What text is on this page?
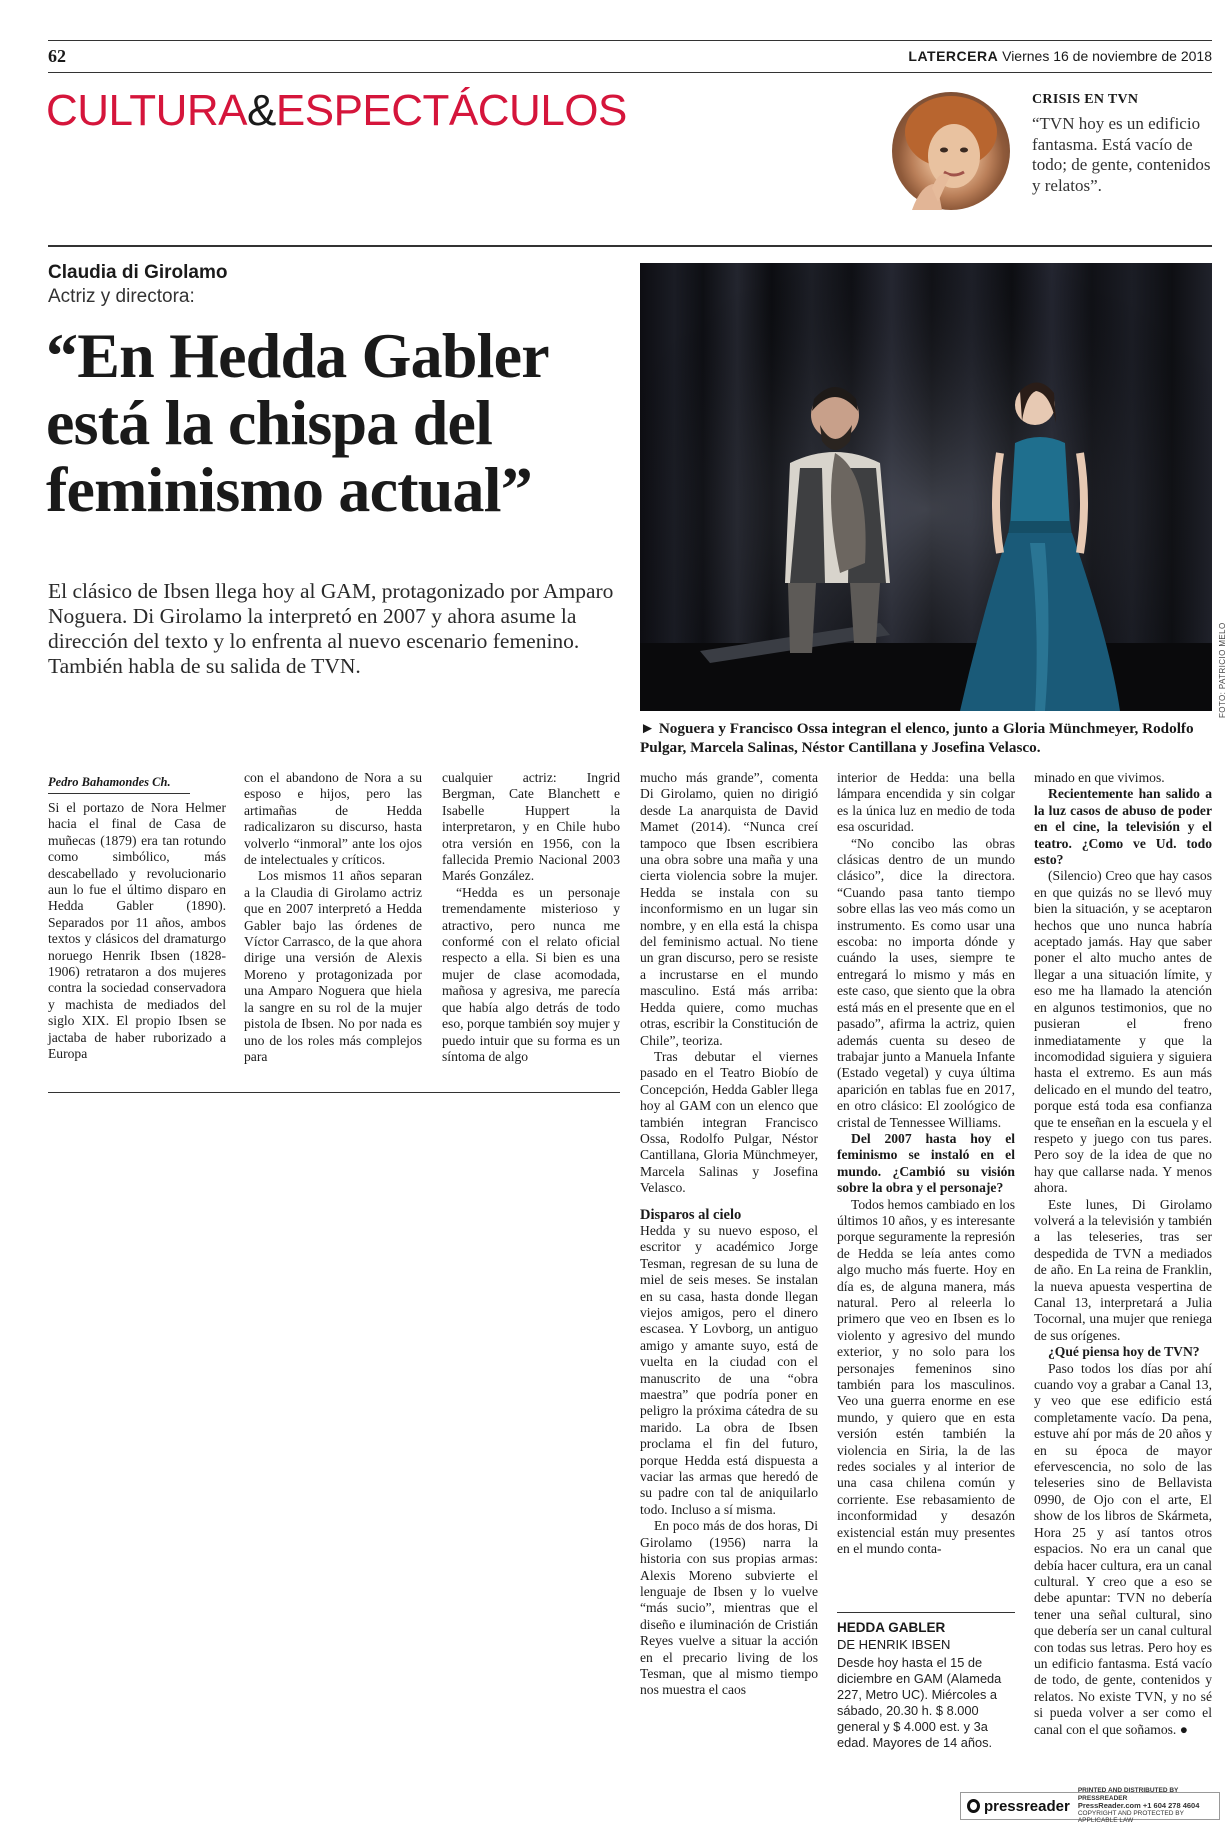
62	LATERCERA Viernes 16 de noviembre de 2018
CULTURA&ESPECTÁCULOS	CRISIS EN TVN
“TVN hoy es un edificio fantasma. Está vacío de todo; de gente, contenidos y relatos”.
Claudia di Girolamo
Actriz y directora:
“En Hedda Gabler está la chispa del feminismo actual”
El clásico de Ibsen llega hoy al GAM, protagonizado por Amparo Noguera. Di Girolamo la interpretó en 2007 y ahora asume la dirección del texto y lo enfrenta al nuevo escenario femenino. También habla de su salida de TVN.	FOTO: PATRICIO MELO
► Noguera y Francisco Ossa integran el elenco, junto a Gloria Münchmeyer, Rodolfo Pulgar, Marcela Salinas, Néstor Cantillana y Josefina Velasco.
Pedro Bahamondes Ch.

Si el portazo de Nora Helmer hacia el final de Casa de muñecas (1879) era tan rotundo como simbólico, más descabellado y revolucionario aun lo fue el último disparo en Hedda Gabler (1890). Separados por 11 años, ambos textos y clásicos del dramaturgo noruego Henrik Ibsen (1828-1906) retrataron a dos mujeres contra la sociedad conservadora y machista de mediados del siglo XIX. El propio Ibsen se jactaba de haber ruborizado a Europa

con el abandono de Nora a su esposo e hijos, pero las artimañas de Hedda radicalizaron su discurso, hasta volverlo “inmoral” ante los ojos de intelectuales y críticos.

Los mismos 11 años separan a la Claudia di Girolamo actriz que en 2007 interpretó a Hedda Gabler bajo las órdenes de Víctor Carrasco, de la que ahora dirige una versión de Alexis Moreno y protagonizada por una Amparo Noguera que hiela la sangre en su rol de la mujer pistola de Ibsen. No por nada es uno de los roles más complejos para

cualquier actriz: Ingrid Bergman, Cate Blanchett e Isabelle Huppert la interpretaron, y en Chile hubo otra versión en 1956, con la fallecida Premio Nacional 2003 Marés González.

“Hedda es un personaje tremendamente misterioso y atractivo, pero nunca me conformé con el relato oficial respecto a ella. Si bien es una mujer de clase acomodada, mañosa y agresiva, me parecía que había algo detrás de todo eso, porque también soy mujer y puedo intuir que su forma es un síntoma de algo

mucho más grande”, comenta Di Girolamo, quien no dirigió desde La anarquista de David Mamet (2014). “Nunca creí tampoco que Ibsen escribiera una obra sobre una maña y una cierta violencia sobre la mujer. Hedda se instala con su inconformismo en un lugar sin nombre, y en ella está la chispa del feminismo actual. No tiene un gran discurso, pero se resiste a incrustarse en el mundo masculino. Está más arriba: Hedda quiere, como muchas otras, escribir la Constitución de Chile”, teoriza.

Tras debutar el viernes pasado en el Teatro Biobío de Concepción, Hedda Gabler llega hoy al GAM con un elenco que también integran Francisco Ossa, Rodolfo Pulgar, Néstor Cantillana, Gloria Münchmeyer, Marcela Salinas y Josefina Velasco.

Disparos al cielo

Hedda y su nuevo esposo, el escritor y académico Jorge Tesman, regresan de su luna de miel de seis meses. Se instalan en su casa, hasta donde llegan viejos amigos, pero el dinero escasea. Y Lovborg, un antiguo amigo y amante suyo, está de vuelta en la ciudad con el manuscrito de una “obra maestra” que podría poner en peligro la próxima cátedra de su marido. La obra de Ibsen proclama el fin del futuro, porque Hedda está dispuesta a vaciar las armas que heredó de su padre con tal de aniquilarlo todo. Incluso a sí misma.

En poco más de dos horas, Di Girolamo (1956) narra la historia con sus propias armas: Alexis Moreno subvierte el lenguaje de Ibsen y lo vuelve “más sucio”, mientras que el diseño e iluminación de Cristián Reyes vuelve a situar la acción en el precario living de los Tesman, que al mismo tiempo nos muestra el caos

interior de Hedda: una bella lámpara encendida y sin colgar es la única luz en medio de toda esa oscuridad.

“No concibo las obras clásicas dentro de un mundo clásico”, dice la directora. “Cuando pasa tanto tiempo sobre ellas las veo más como un instrumento. Es como usar una escoba: no importa dónde y cuándo la uses, siempre te entregará lo mismo y más en este caso, que siento que la obra está más en el presente que en el pasado”, afirma la actriz, quien además cuenta su deseo de trabajar junto a Manuela Infante (Estado vegetal) y cuya última aparición en tablas fue en 2017, en otro clásico: El zoológico de cristal de Tennessee Williams.

Del 2007 hasta hoy el feminismo se instaló en el mundo. ¿Cambió su visión sobre la obra y el personaje?

Todos hemos cambiado en los últimos 10 años, y es interesante porque seguramente la represión de Hedda se leía antes como algo mucho más fuerte. Hoy en día es, de alguna manera, más natural. Pero al releerla lo primero que veo en Ibsen es lo violento y agresivo del mundo exterior, y no solo para los personajes femeninos sino también para los masculinos. Veo una guerra enorme en ese mundo, y quiero que en esta versión estén también la violencia en Siria, la de las redes sociales y al interior de una casa chilena común y corriente. Ese rebasamiento de inconformidad y desazón existencial están muy presentes en el mundo conta-

HEDDA GABLER
DE HENRIK IBSEN
Desde hoy hasta el 15 de diciembre en GAM (Alameda 227, Metro UC). Miércoles a sábado, 20.30 h. $ 8.000 general y $ 4.000 est. y 3a edad. Mayores de 14 años.

minado en que vivimos.

Recientemente han salido a la luz casos de abuso de poder en el cine, la televisión y el teatro. ¿Como ve Ud. todo esto?

(Silencio) Creo que hay casos en que quizás no se llevó muy bien la situación, y se aceptaron hechos que uno nunca habría aceptado jamás. Hay que saber poner el alto mucho antes de llegar a una situación límite, y eso me ha llamado la atención en algunos testimonios, que no pusieran el freno inmediatamente y que la incomodidad siguiera y siguiera hasta el extremo. Es aun más delicado en el mundo del teatro, porque está toda esa confianza que te enseñan en la escuela y el respeto y juego con tus pares. Pero soy de la idea de que no hay que callarse nada. Y menos ahora.

Este lunes, Di Girolamo volverá a la televisión y también a las teleseries, tras ser despedida de TVN a mediados de año. En La reina de Franklin, la nueva apuesta vespertina de Canal 13, interpretará a Julia Tocornal, una mujer que reniega de sus orígenes.

¿Qué piensa hoy de TVN?

Paso todos los días por ahí cuando voy a grabar a Canal 13, y veo que ese edificio está completamente vacío. Da pena, estuve ahí por más de 20 años y en su época de mayor efervescencia, no solo de las teleseries sino de Bellavista 0990, de Ojo con el arte, El show de los libros de Skármeta, Hora 25 y así tantos otros espacios. No era un canal que debía hacer cultura, era un canal cultural. Y creo que a eso se debe apuntar: TVN no debería tener una señal cultural, sino que debería ser un canal cultural con todas sus letras. Pero hoy es un edificio fantasma. Está vacío de todo, de gente, contenidos y relatos. No existe TVN, y no sé si pueda volver a ser como el canal con el que soñamos. ●

pressreader
PRINTED AND DISTRIBUTED BY PRESSREADER
PressReader.com +1 604 278 4604
COPYRIGHT AND PROTECTED BY APPLICABLE LAW
